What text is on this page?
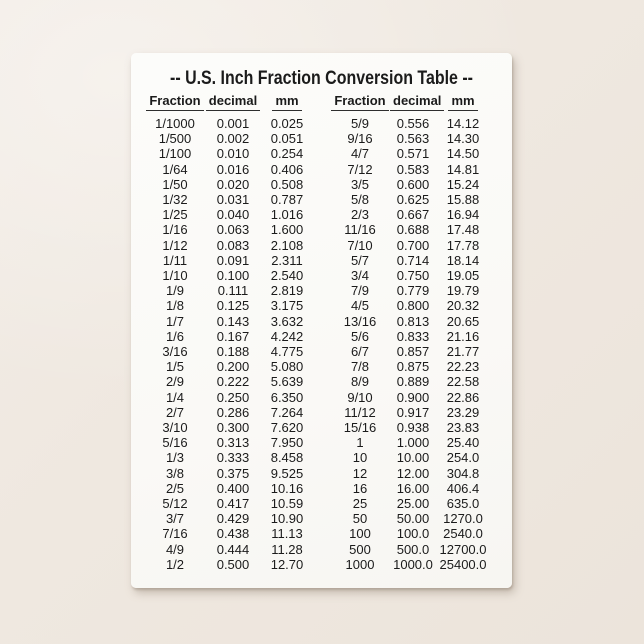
-- U.S. Inch Fraction Conversion Table --
Fraction	decimal	mm
1/1000	0.001	0.025
1/500	0.002	0.051
1/100	0.010	0.254
1/64	0.016	0.406
1/50	0.020	0.508
1/32	0.031	0.787
1/25	0.040	1.016
1/16	0.063	1.600
1/12	0.083	2.108
1/11	0.091	2.311
1/10	0.100	2.540
1/9	0.111	2.819
1/8	0.125	3.175
1/7	0.143	3.632
1/6	0.167	4.242
3/16	0.188	4.775
1/5	0.200	5.080
2/9	0.222	5.639
1/4	0.250	6.350
2/7	0.286	7.264
3/10	0.300	7.620
5/16	0.313	7.950
1/3	0.333	8.458
3/8	0.375	9.525
2/5	0.400	10.16
5/12	0.417	10.59
3/7	0.429	10.90
7/16	0.438	11.13
4/9	0.444	11.28
1/2	0.500	12.70
Fraction	decimal	mm
5/9	0.556	14.12
9/16	0.563	14.30
4/7	0.571	14.50
7/12	0.583	14.81
3/5	0.600	15.24
5/8	0.625	15.88
2/3	0.667	16.94
11/16	0.688	17.48
7/10	0.700	17.78
5/7	0.714	18.14
3/4	0.750	19.05
7/9	0.779	19.79
4/5	0.800	20.32
13/16	0.813	20.65
5/6	0.833	21.16
6/7	0.857	21.77
7/8	0.875	22.23
8/9	0.889	22.58
9/10	0.900	22.86
11/12	0.917	23.29
15/16	0.938	23.83
1	1.000	25.40
10	10.00	254.0
12	12.00	304.8
16	16.00	406.4
25	25.00	635.0
50	50.00	1270.0
100	100.0	2540.0
500	500.0	12700.0
1000	1000.0	25400.0
